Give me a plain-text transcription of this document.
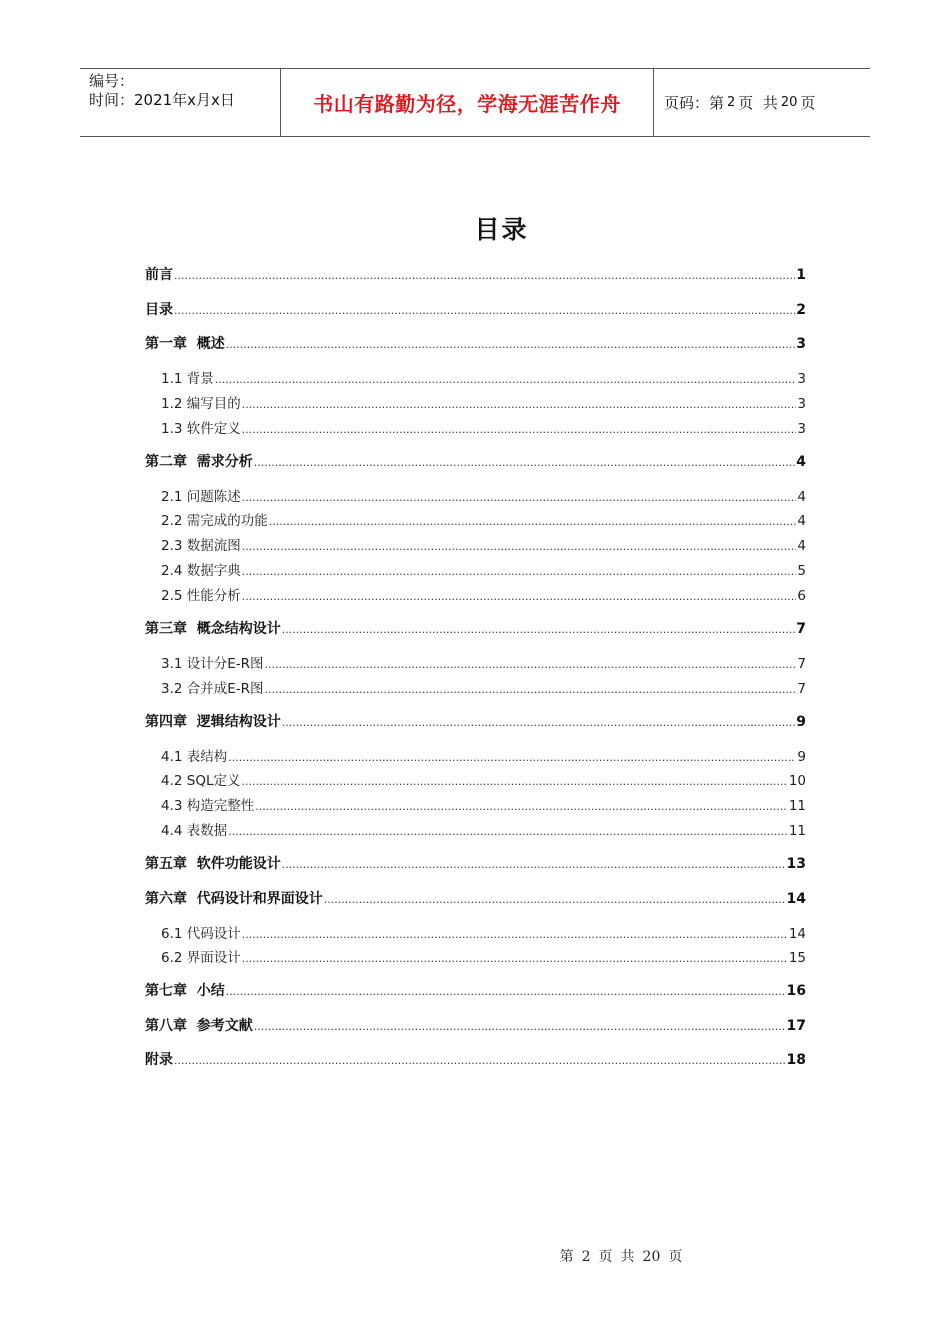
编号：
时间：2021年x月x日	书山有路勤为径，学海无涯苦作舟	页码：第 2 页  共 20 页
目录
前言 .....	1
目录 .....	2
第一章  概述 .....	3
1.1 背景 .....	3
1.2 编写目的 .....	3
1.3 软件定义 .....	3
第二章  需求分析 .....	4
2.1 问题陈述 .....	4
2.2 需完成的功能 .....	4
2.3 数据流图 .....	4
2.4 数据字典 .....	5
2.5 性能分析 .....	6
第三章  概念结构设计 .....	7
3.1 设计分E-R图 .....	7
3.2 合并成E-R图 .....	7
第四章  逻辑结构设计 .....	9
4.1 表结构 .....	9
4.2 SQL定义 .....	10
4.3 构造完整性 .....	11
4.4 表数据 .....	11
第五章  软件功能设计 .....	13
第六章  代码设计和界面设计 .....	14
6.1 代码设计 .....	14
6.2 界面设计 .....	15
第七章  小结 .....	16
第八章  参考文献 .....	17
附录 .....	18
第 2 页 共 20 页
